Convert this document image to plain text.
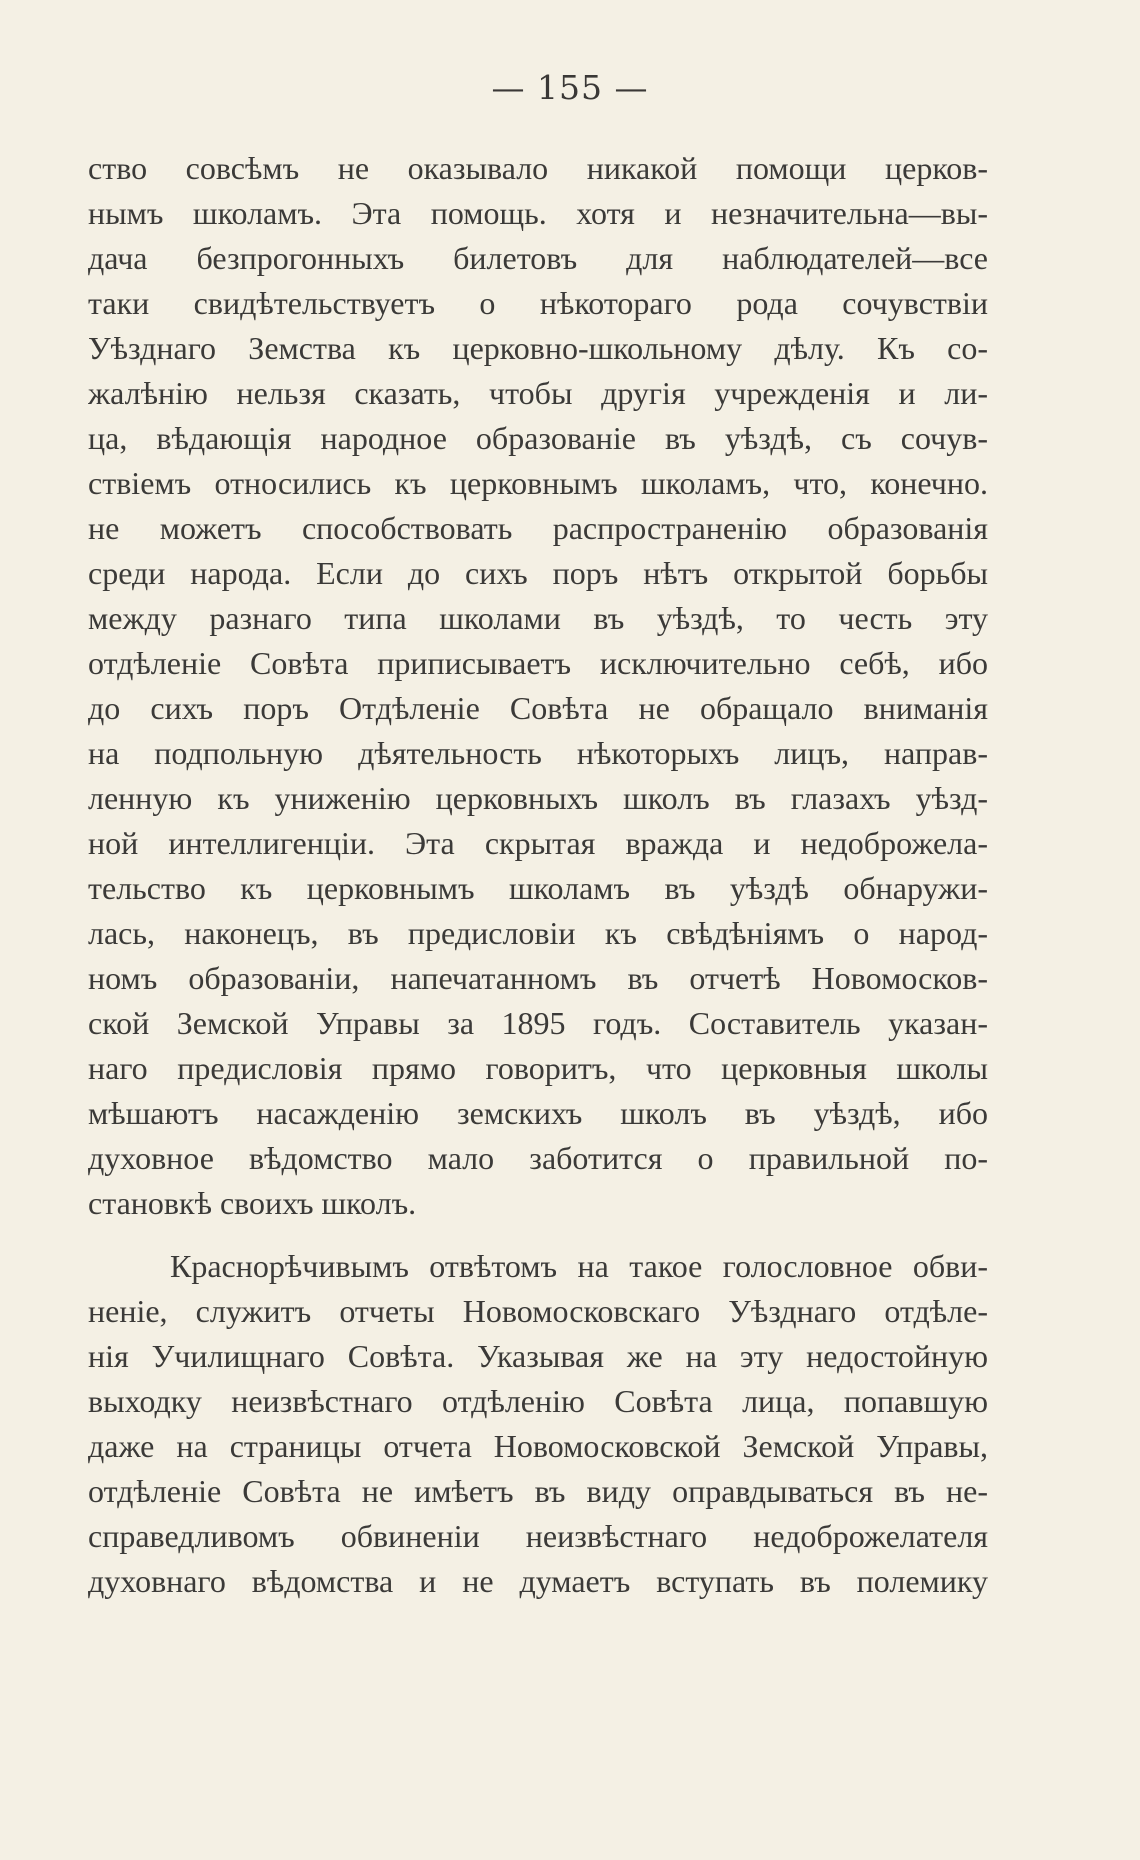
— 155 —
ство совсѣмъ не оказывало никакой помощи церков-
нымъ школамъ. Эта помощь. хотя и незначительна—вы-
дача безпрогонныхъ билетовъ для наблюдателей—все
таки свидѣтельствуетъ о нѣкотораго рода сочувствіи
Уѣзднаго Земства къ церковно-школьному дѣлу. Къ со-
жалѣнію нельзя сказать, чтобы другія учрежденія и ли-
ца, вѣдающія народное образованіе въ уѣздѣ, съ сочув-
ствіемъ относились къ церковнымъ школамъ, что, конечно.
не можетъ способствовать распространенію образованія
среди народа. Если до сихъ поръ нѣтъ открытой борьбы
между разнаго типа школами въ уѣздѣ, то честь эту
отдѣленіе Совѣта приписываетъ исключительно себѣ, ибо
до сихъ поръ Отдѣленіе Совѣта не обращало вниманія
на подпольную дѣятельность нѣкоторыхъ лицъ, направ-
ленную къ униженію церковныхъ школъ въ глазахъ уѣзд-
ной интеллигенціи. Эта скрытая вражда и недоброжела-
тельство къ церковнымъ школамъ въ уѣздѣ обнаружи-
лась, наконецъ, въ предисловіи къ свѣдѣніямъ о народ-
номъ образованіи, напечатанномъ въ отчетѣ Новомосков-
ской Земской Управы за 1895 годъ. Составитель указан-
наго предисловія прямо говоритъ, что церковныя школы
мѣшаютъ насажденію земскихъ школъ въ уѣздѣ, ибо
духовное вѣдомство мало заботится о правильной по-
становкѣ своихъ школъ.
Краснорѣчивымъ отвѣтомъ на такое голословное обви-
неніе, служитъ отчеты Новомосковскаго Уѣзднаго отдѣле-
нія Училищнаго Совѣта. Указывая же на эту недостойную
выходку неизвѣстнаго отдѣленію Совѣта лица, попавшую
даже на страницы отчета Новомосковской Земской Управы,
отдѣленіе Совѣта не имѣетъ въ виду оправдываться въ не-
справедливомъ обвиненіи неизвѣстнаго недоброжелателя
духовнаго вѣдомства и не думаетъ вступать въ полемику
